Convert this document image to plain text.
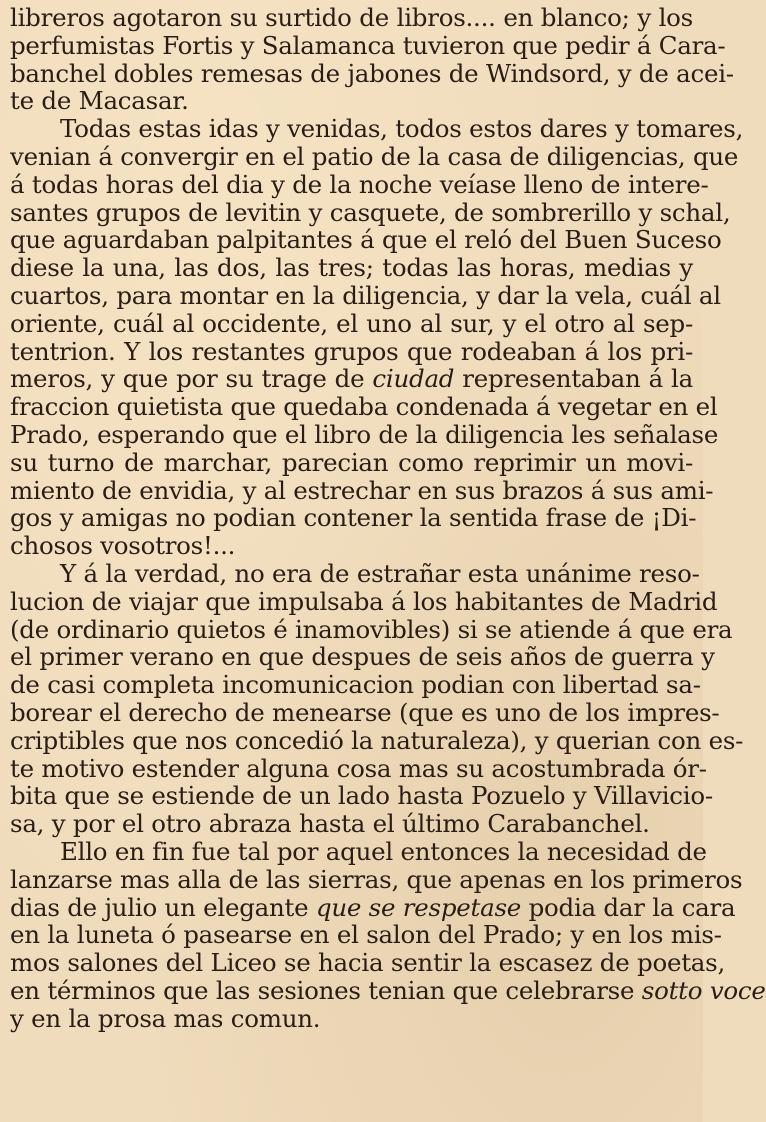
libreros agotaron su surtido de libros.... en blanco; y los
perfumistas Fortis y Salamanca tuvieron que pedir á Cara-
banchel dobles remesas de jabones de Windsord, y de acei-
te de Macasar.

Todas estas idas y venidas, todos estos dares y tomares,
venian á convergir en el patio de la casa de diligencias, que
á todas horas del dia y de la noche veíase lleno de intere-
santes grupos de levitin y casquete, de sombrerillo y schal,
que aguardaban palpitantes á que el reló del Buen Suceso
diese la una, las dos, las tres; todas las horas, medias y
cuartos, para montar en la diligencia, y dar la vela, cuál al
oriente, cuál al occidente, el uno al sur, y el otro al sep-
tentrion. Y los restantes grupos que rodeaban á los pri-
meros, y que por su trage de ciudad representaban á la
fraccion quietista que quedaba condenada á vegetar en el
Prado, esperando que el libro de la diligencia les señalase
su turno de marchar, parecian como reprimir un movi-
miento de envidia, y al estrechar en sus brazos á sus ami-
gos y amigas no podian contener la sentida frase de ¡Di-
chosos vosotros!...

Y á la verdad, no era de estrañar esta unánime reso-
lucion de viajar que impulsaba á los habitantes de Madrid
(de ordinario quietos é inamovibles) si se atiende á que era
el primer verano en que despues de seis años de guerra y
de casi completa incomunicacion podian con libertad sa-
borear el derecho de menearse (que es uno de los impres-
criptibles que nos concedió la naturaleza), y querian con es-
te motivo estender alguna cosa mas su acostumbrada ór-
bita que se estiende de un lado hasta Pozuelo y Villavicio-
sa, y por el otro abraza hasta el último Carabanchel.

Ello en fin fue tal por aquel entonces la necesidad de
lanzarse mas alla de las sierras, que apenas en los primeros
dias de julio un elegante que se respetase podia dar la cara
en la luneta ó pasearse en el salon del Prado; y en los mis-
mos salones del Liceo se hacia sentir la escasez de poetas,
en términos que las sesiones tenian que celebrarse sotto voce
y en la prosa mas comun.
